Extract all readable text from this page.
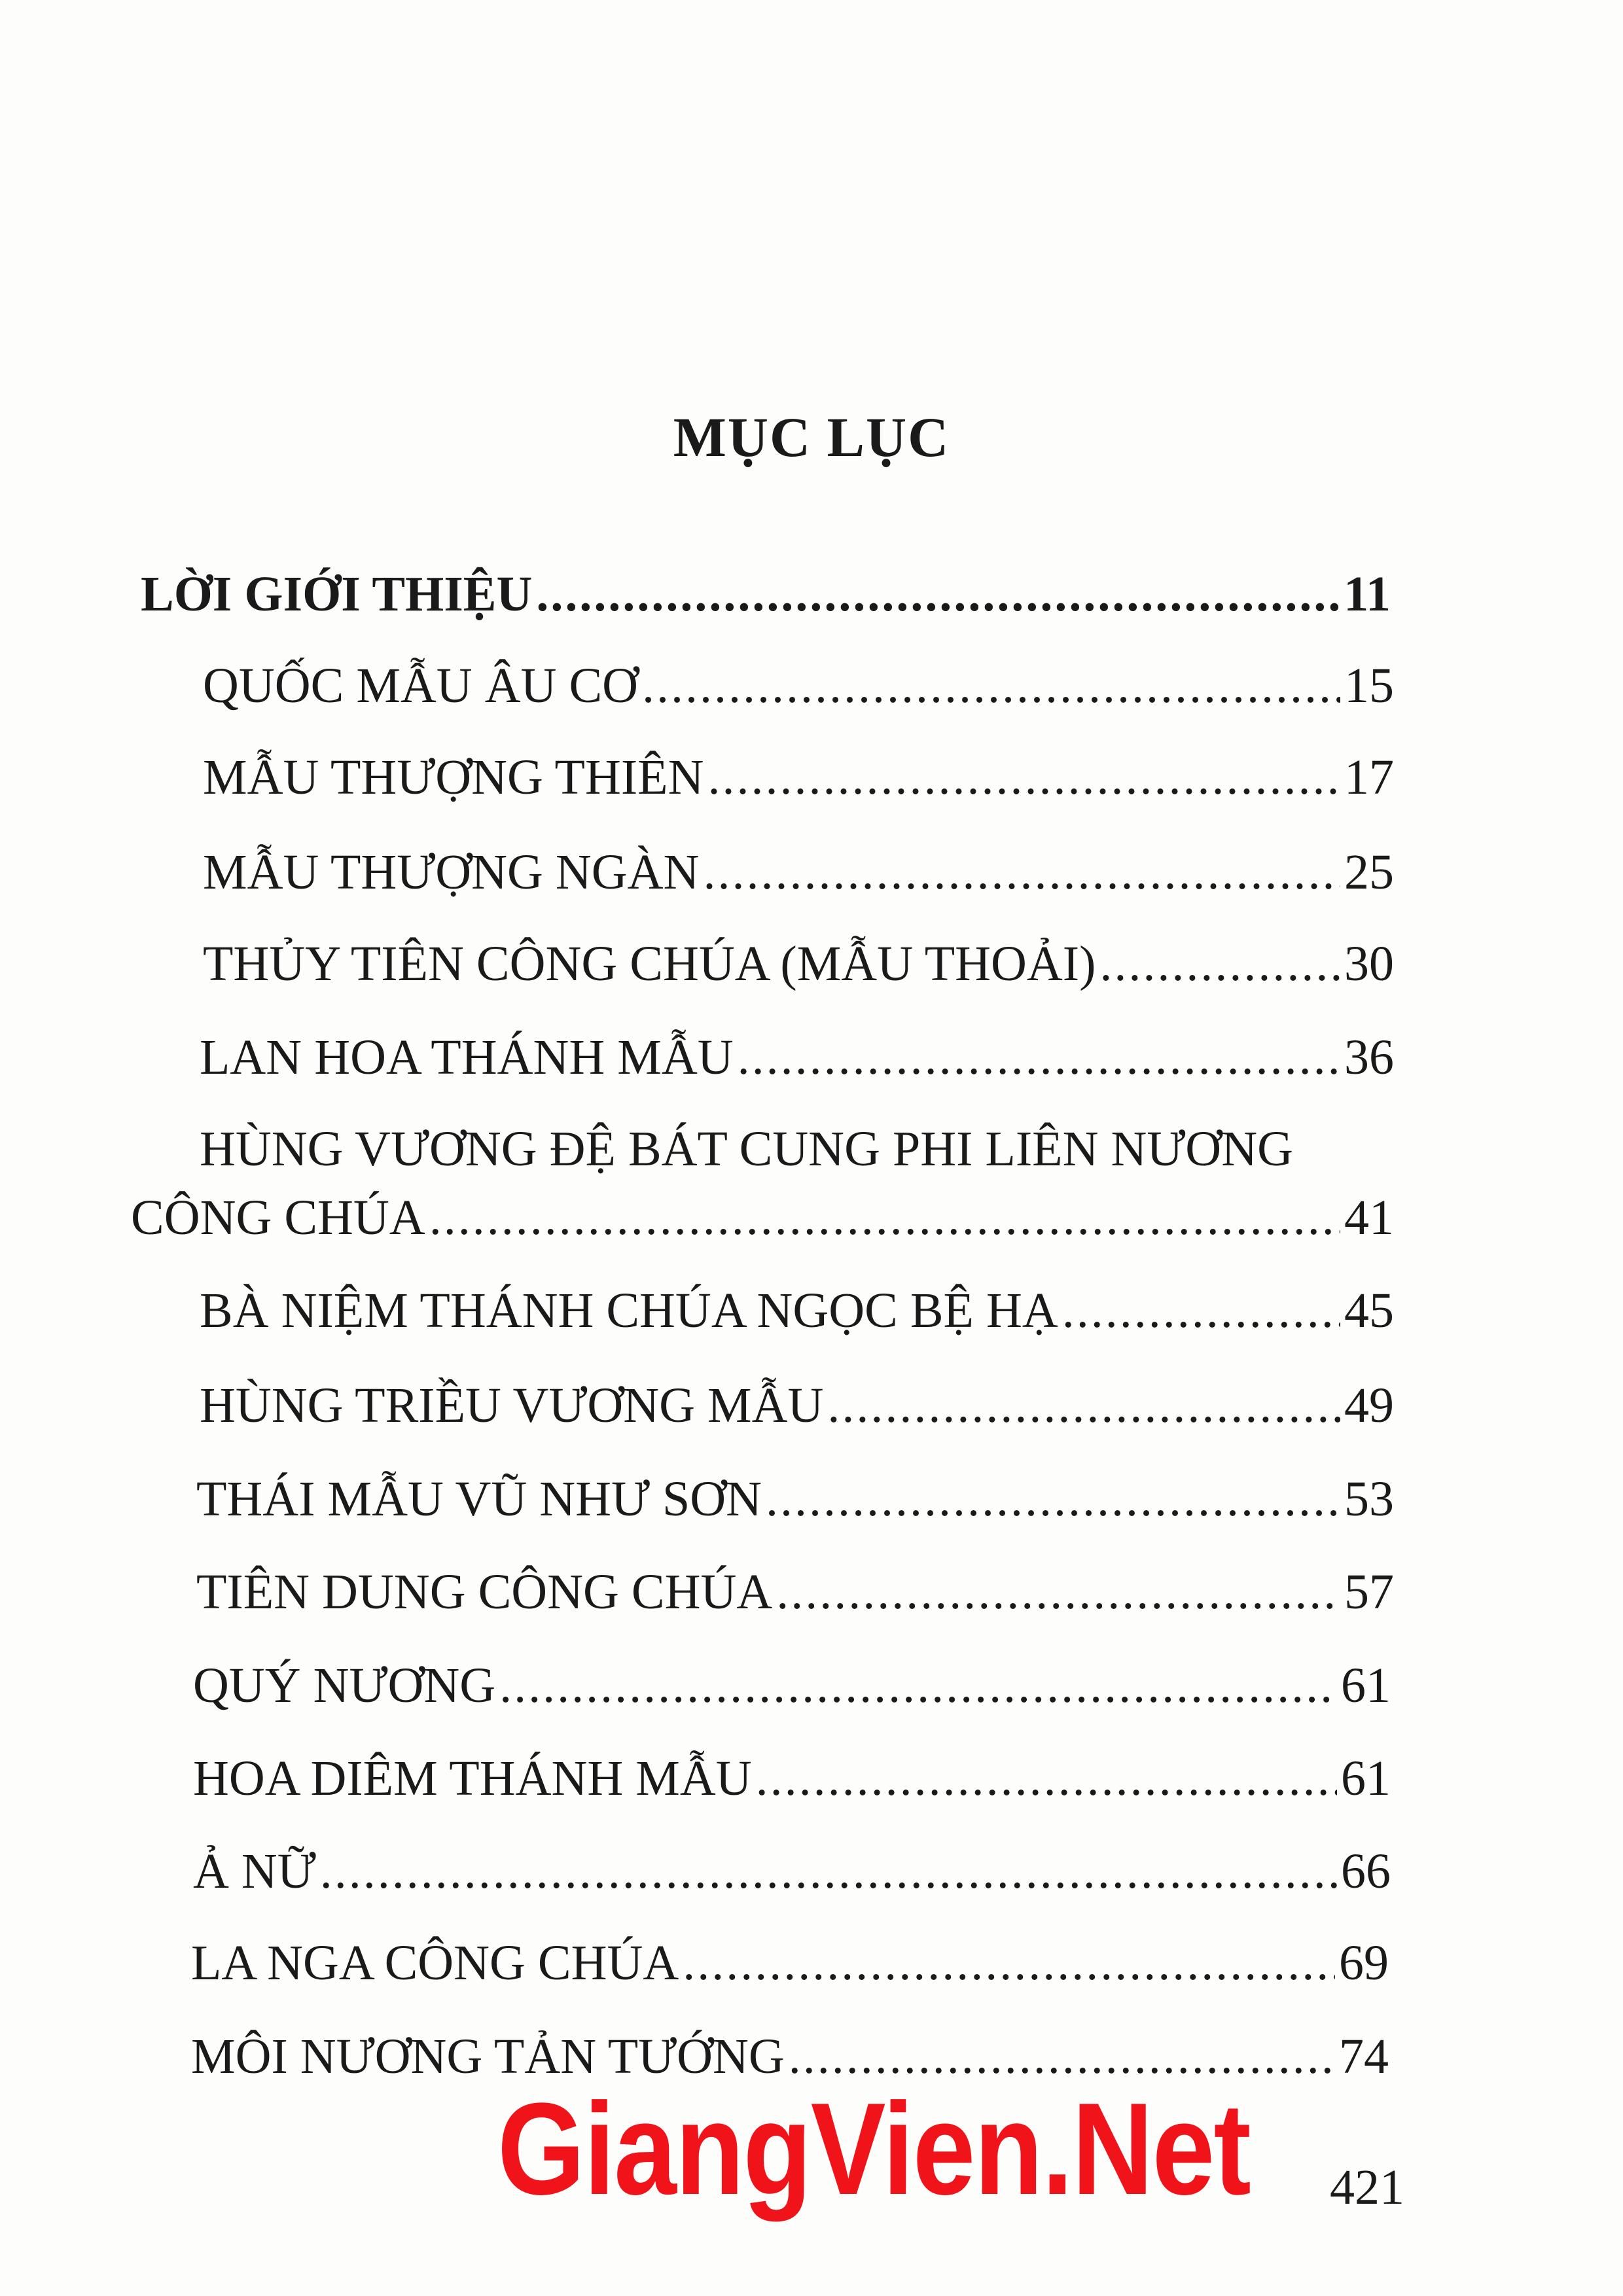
MỤC LỤC
LỜI GIỚI THIỆU .....	11
QUỐC MẪU ÂU CƠ .....	15
MẪU THƯỢNG THIÊN .....	17
MẪU THƯỢNG NGÀN .....	25
THỦY TIÊN CÔNG CHÚA (MẪU THOẢI) .....	30
LAN HOA THÁNH MẪU .....	36
HÙNG VƯƠNG ĐỆ BÁT CUNG PHI LIÊN NƯƠNG
CÔNG CHÚA .....	41
BÀ NIỆM THÁNH CHÚA NGỌC BỆ HẠ .....	45
HÙNG TRIỀU VƯƠNG MẪU .....	49
THÁI MẪU VŨ NHƯ SƠN .....	53
TIÊN DUNG CÔNG CHÚA .....	57
QUÝ NƯƠNG .....	61
HOA DIÊM THÁNH MẪU .....	61
Ả NỮ .....	66
LA NGA CÔNG CHÚA .....	69
MÔI NƯƠNG TẢN TƯỚNG .....	74
GiangVien.Net 421
